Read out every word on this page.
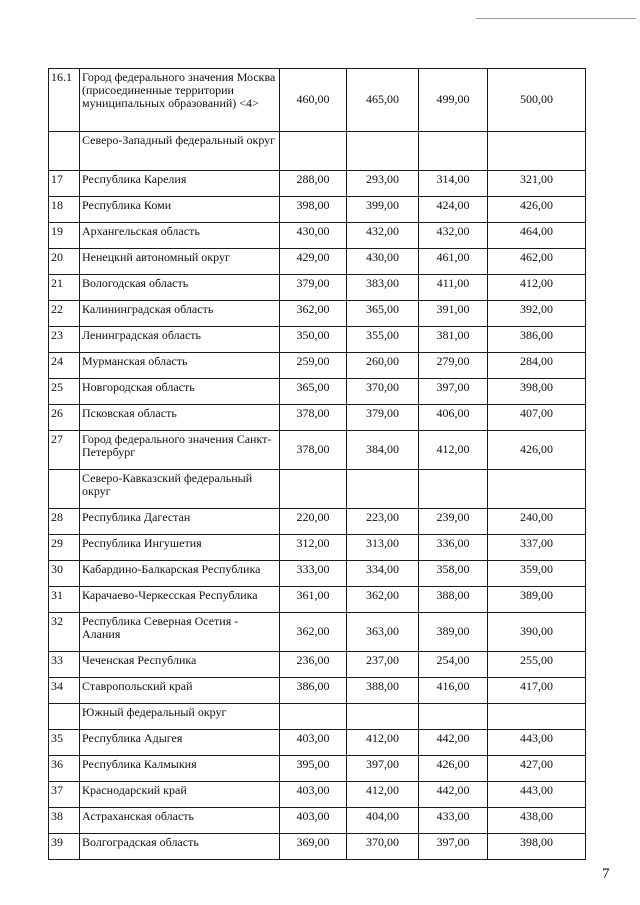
16.1	Город федерального значения Москва (присоединенные территории муниципальных образований) <4>	460,00	465,00	499,00	500,00
	Северо-Западный федеральный округ				
17	Республика Карелия	288,00	293,00	314,00	321,00
18	Республика Коми	398,00	399,00	424,00	426,00
19	Архангельская область	430,00	432,00	432,00	464,00
20	Ненецкий автономный округ	429,00	430,00	461,00	462,00
21	Вологодская область	379,00	383,00	411,00	412,00
22	Калининградская область	362,00	365,00	391,00	392,00
23	Ленинградская область	350,00	355,00	381,00	386,00
24	Мурманская область	259,00	260,00	279,00	284,00
25	Новгородская область	365,00	370,00	397,00	398,00
26	Псковская область	378,00	379,00	406,00	407,00
27	Город федерального значения Санкт-Петербург	378,00	384,00	412,00	426,00
	Северо-Кавказский федеральный округ				
28	Республика Дагестан	220,00	223,00	239,00	240,00
29	Республика Ингушетия	312,00	313,00	336,00	337,00
30	Кабардино-Балкарская Республика	333,00	334,00	358,00	359,00
31	Карачаево-Черкесская Республика	361,00	362,00	388,00	389,00
32	Республика Северная Осетия - Алания	362,00	363,00	389,00	390,00
33	Чеченская Республика	236,00	237,00	254,00	255,00
34	Ставропольский край	386,00	388,00	416,00	417,00
	Южный федеральный округ				
35	Республика Адыгея	403,00	412,00	442,00	443,00
36	Республика Калмыкия	395,00	397,00	426,00	427,00
37	Краснодарский край	403,00	412,00	442,00	443,00
38	Астраханская область	403,00	404,00	433,00	438,00
39	Волгоградская область	369,00	370,00	397,00	398,00
7
